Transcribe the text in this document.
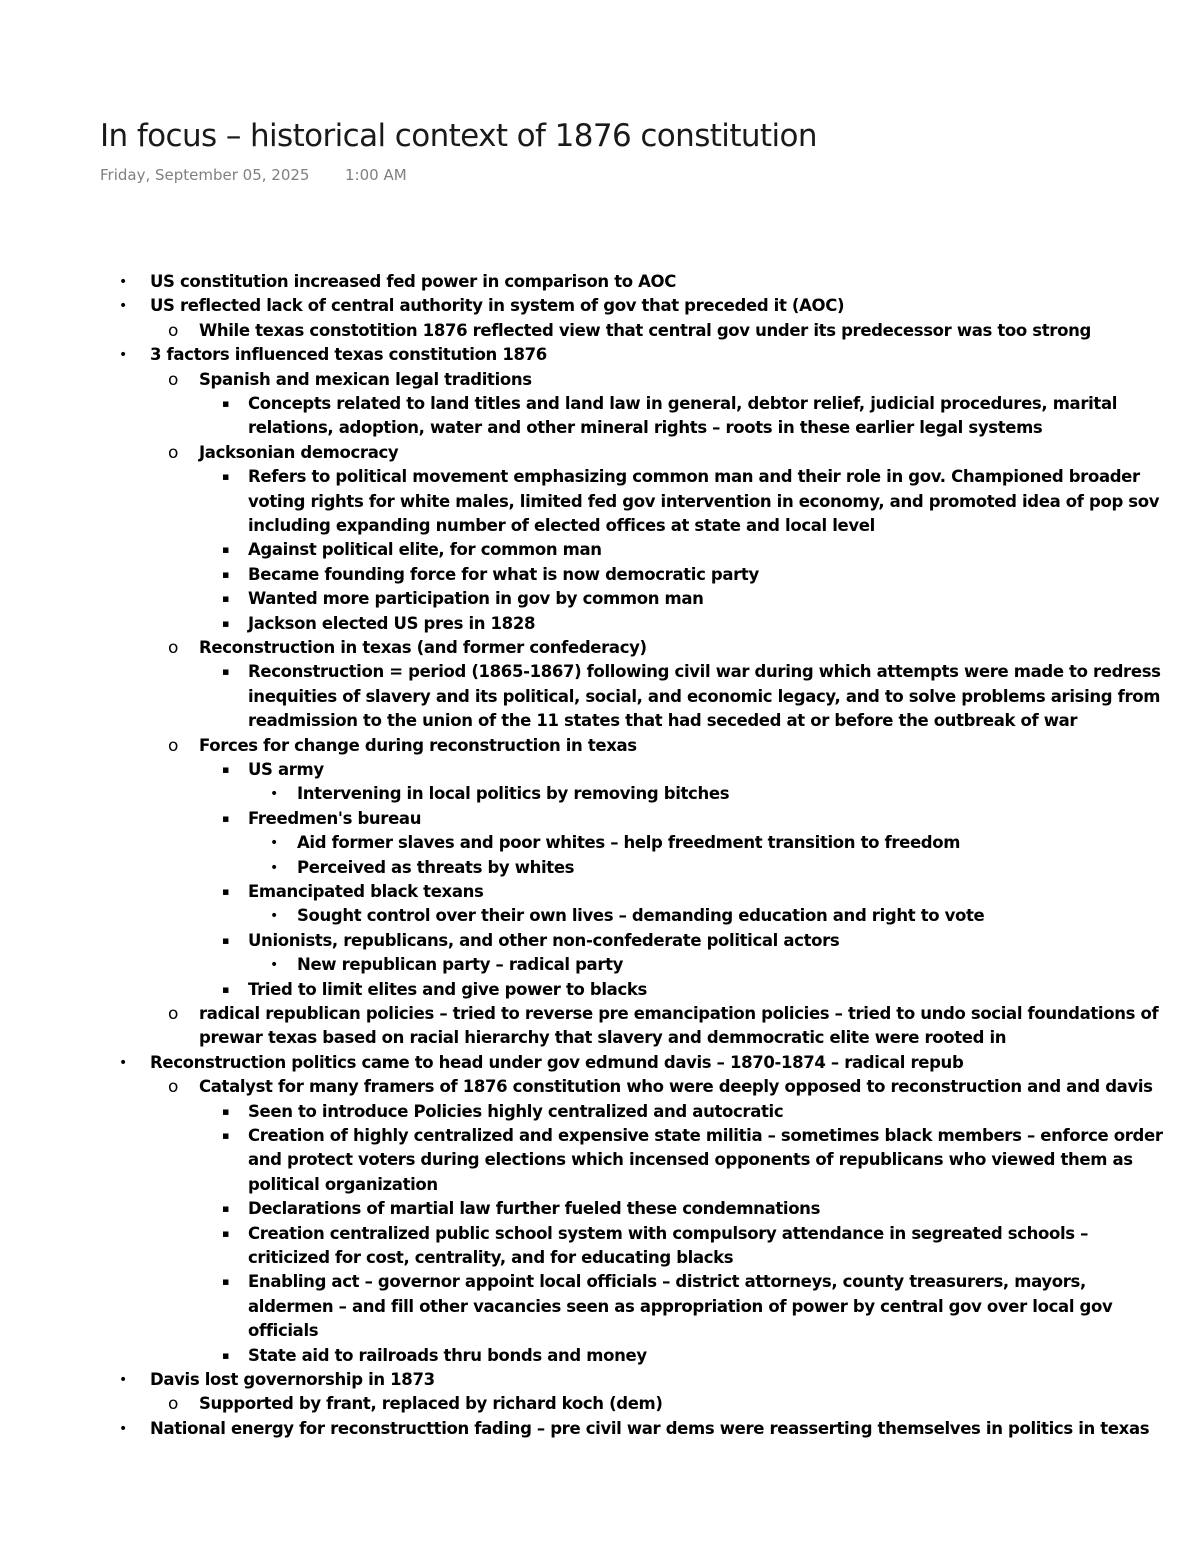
In focus – historical context of 1876 constitution
Friday, September 05, 2025 1:00 AM
• US constitution increased fed power in comparison to AOC
• US reflected lack of central authority in system of gov that preceded it (AOC)
o While texas constotition 1876 reflected view that central gov under its predecessor was too strong
• 3 factors influenced texas constitution 1876
o Spanish and mexican legal traditions
▪ Concepts related to land titles and land law in general, debtor relief, judicial procedures, marital
relations, adoption, water and other mineral rights – roots in these earlier legal systems
o Jacksonian democracy
▪ Refers to political movement emphasizing common man and their role in gov. Championed broader
voting rights for white males, limited fed gov intervention in economy, and promoted idea of pop sov
including expanding number of elected offices at state and local level
▪ Against political elite, for common man
▪ Became founding force for what is now democratic party
▪ Wanted more participation in gov by common man
▪ Jackson elected US pres in 1828
o Reconstruction in texas (and former confederacy)
▪ Reconstruction = period (1865-1867) following civil war during which attempts were made to redress
inequities of slavery and its political, social, and economic legacy, and to solve problems arising from
readmission to the union of the 11 states that had seceded at or before the outbreak of war
o Forces for change during reconstruction in texas
▪ US army
• Intervening in local politics by removing bitches
▪ Freedmen's bureau
• Aid former slaves and poor whites – help freedment transition to freedom
• Perceived as threats by whites
▪ Emancipated black texans
• Sought control over their own lives – demanding education and right to vote
▪ Unionists, republicans, and other non-confederate political actors
• New republican party – radical party
▪ Tried to limit elites and give power to blacks
o radical republican policies – tried to reverse pre emancipation policies – tried to undo social foundations of
prewar texas based on racial hierarchy that slavery and demmocratic elite were rooted in
• Reconstruction politics came to head under gov edmund davis – 1870-1874 – radical repub
o Catalyst for many framers of 1876 constitution who were deeply opposed to reconstruction and and davis
▪ Seen to introduce Policies highly centralized and autocratic
▪ Creation of highly centralized and expensive state militia – sometimes black members – enforce order
and protect voters during elections which incensed opponents of republicans who viewed them as
political organization
▪ Declarations of martial law further fueled these condemnations
▪ Creation centralized public school system with compulsory attendance in segreated schools –
criticized for cost, centrality, and for educating blacks
▪ Enabling act – governor appoint local officials – district attorneys, county treasurers, mayors,
aldermen – and fill other vacancies seen as appropriation of power by central gov over local gov
officials
▪ State aid to railroads thru bonds and money
• Davis lost governorship in 1873
o Supported by frant, replaced by richard koch (dem)
• National energy for reconstructtion fading – pre civil war dems were reasserting themselves in politics in texas
